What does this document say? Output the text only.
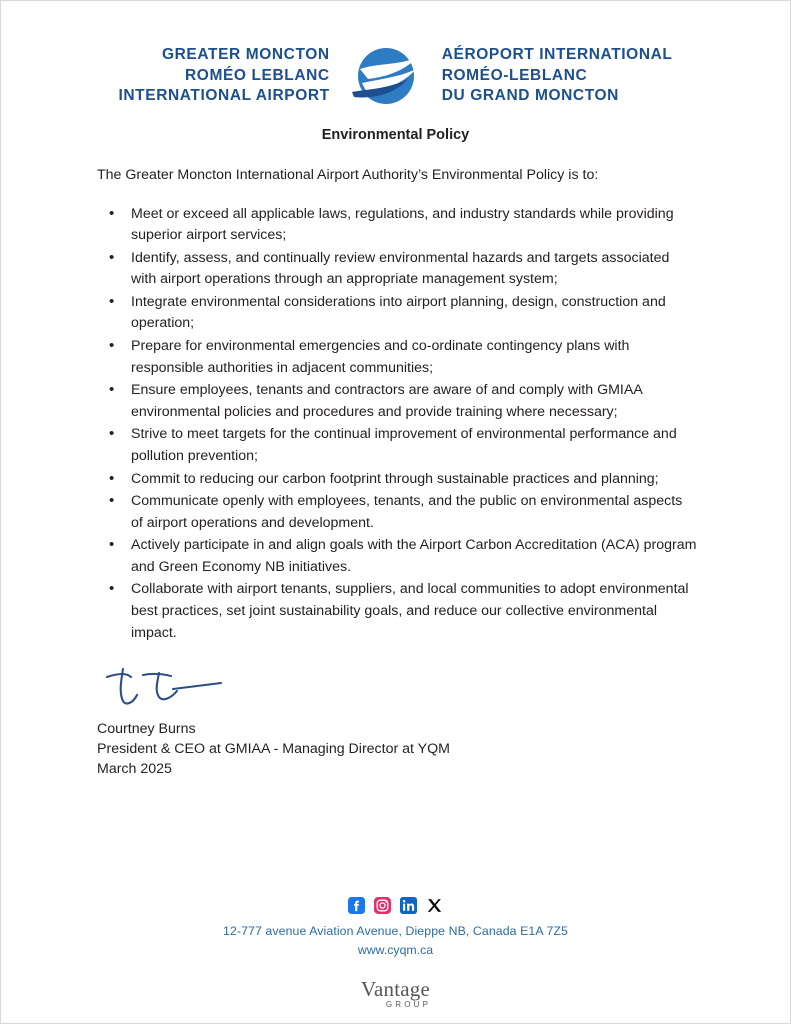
GREATER MONCTON
ROMÉO LEBLANC
INTERNATIONAL AIRPORT
AÉROPORT INTERNATIONAL
ROMÉO-LEBLANC
DU GRAND MONCTON
Environmental Policy

The Greater Moncton International Airport Authority’s Environmental Policy is to:

• Meet or exceed all applicable laws, regulations, and industry standards while providing superior airport services;
• Identify, assess, and continually review environmental hazards and targets associated with airport operations through an appropriate management system;
• Integrate environmental considerations into airport planning, design, construction and operation;
• Prepare for environmental emergencies and co-ordinate contingency plans with responsible authorities in adjacent communities;
• Ensure employees, tenants and contractors are aware of and comply with GMIAA environmental policies and procedures and provide training where necessary;
• Strive to meet targets for the continual improvement of environmental performance and pollution prevention;
• Commit to reducing our carbon footprint through sustainable practices and planning;
• Communicate openly with employees, tenants, and the public on environmental aspects of airport operations and development.
• Actively participate in and align goals with the Airport Carbon Accreditation (ACA) program and Green Economy NB initiatives.
• Collaborate with airport tenants, suppliers, and local communities to adopt environmental best practices, set joint sustainability goals, and reduce our collective environmental impact.
Courtney Burns
President & CEO at GMIAA - Managing Director at YQM
March 2025
12-777 avenue Aviation Avenue, Dieppe NB, Canada E1A 7Z5
www.cyqm.ca
Vantage
GROUP
